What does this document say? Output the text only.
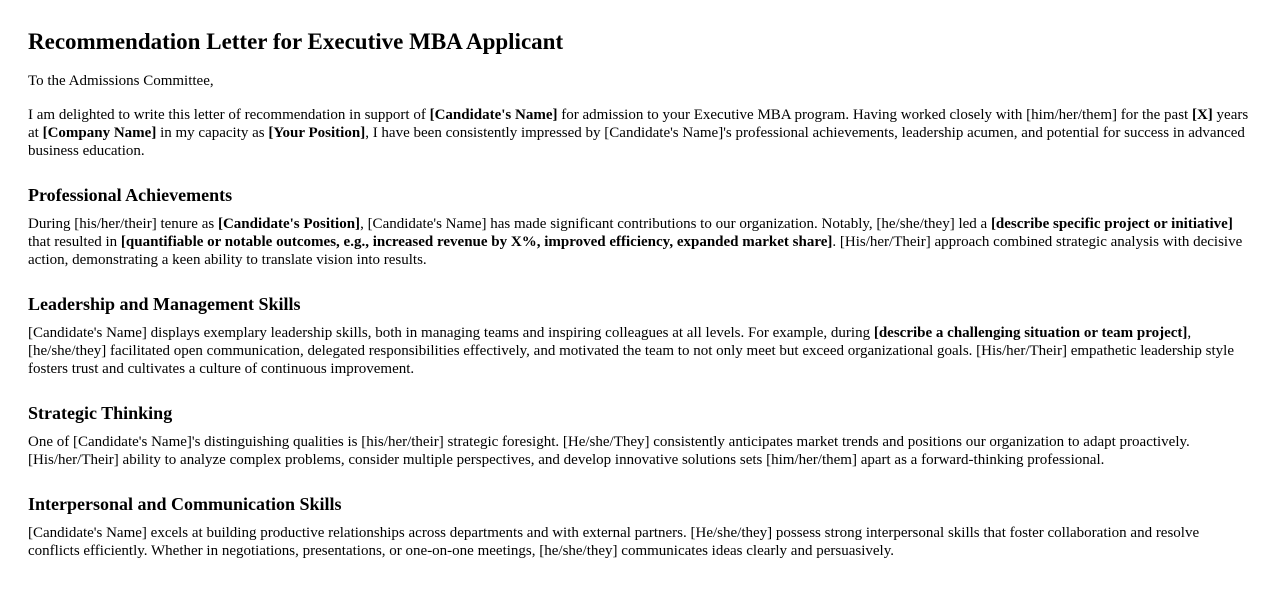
Recommendation Letter for Executive MBA Applicant

To the Admissions Committee,

I am delighted to write this letter of recommendation in support of [Candidate's Name] for admission to your Executive MBA program. Having worked closely with [him/her/them] for the past [X] years at [Company Name] in my capacity as [Your Position], I have been consistently impressed by [Candidate's Name]'s professional achievements, leadership acumen, and potential for success in advanced business education.

Professional Achievements

During [his/her/their] tenure as [Candidate's Position], [Candidate's Name] has made significant contributions to our organization. Notably, [he/she/they] led a [describe specific project or initiative] that resulted in [quantifiable or notable outcomes, e.g., increased revenue by X%, improved efficiency, expanded market share]. [His/her/Their] approach combined strategic analysis with decisive action, demonstrating a keen ability to translate vision into results.

Leadership and Management Skills

[Candidate's Name] displays exemplary leadership skills, both in managing teams and inspiring colleagues at all levels. For example, during [describe a challenging situation or team project], [he/she/they] facilitated open communication, delegated responsibilities effectively, and motivated the team to not only meet but exceed organizational goals. [His/her/Their] empathetic leadership style fosters trust and cultivates a culture of continuous improvement.

Strategic Thinking

One of [Candidate's Name]'s distinguishing qualities is [his/her/their] strategic foresight. [He/she/They] consistently anticipates market trends and positions our organization to adapt proactively. [His/her/Their] ability to analyze complex problems, consider multiple perspectives, and develop innovative solutions sets [him/her/them] apart as a forward-thinking professional.

Interpersonal and Communication Skills

[Candidate's Name] excels at building productive relationships across departments and with external partners. [He/she/they] possess strong interpersonal skills that foster collaboration and resolve conflicts efficiently. Whether in negotiations, presentations, or one-on-one meetings, [he/she/they] communicates ideas clearly and persuasively.
